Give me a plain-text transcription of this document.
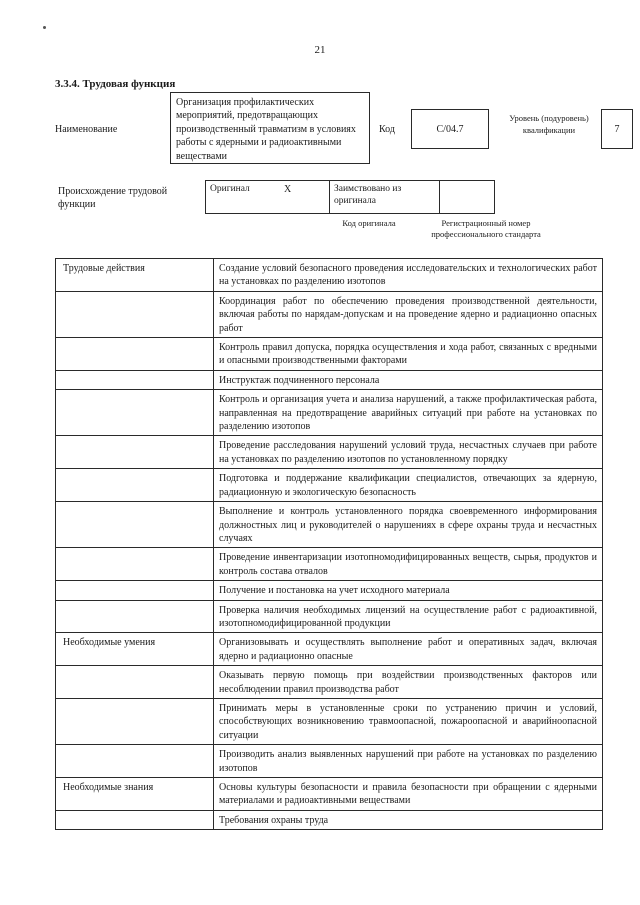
21
3.3.4. Трудовая функция
Наименование
Организация профилактических мероприятий, предотвращающих производственный травматизм в условиях работы с ядерными и радиоактивными веществами
Код	С/04.7
Уровень (подуровень) квалификации	7
Происхождение трудовой функции
Оригинал	X	Заимствовано из оригинала
Код оригинала	Регистрационный номер профессионального стандарта
Трудовые действия	Создание условий безопасного проведения исследовательских и технологических работ на установках по разделению изотопов
Координация работ по обеспечению проведения производственной деятельности, включая работы по нарядам-допускам и на проведение ядерно и радиационно опасных работ
Контроль правил допуска, порядка осуществления и хода работ, связанных с вредными и опасными производственными факторами
Инструктаж подчиненного персонала
Контроль и организация учета и анализа нарушений, а также профилактическая работа, направленная на предотвращение аварийных ситуаций при работе на установках по разделению изотопов
Проведение расследования нарушений условий труда, несчастных случаев при работе на установках по разделению изотопов по установленному порядку
Подготовка и поддержание квалификации специалистов, отвечающих за ядерную, радиационную и экологическую безопасность
Выполнение и контроль установленного порядка своевременного информирования должностных лиц и руководителей о нарушениях в сфере охраны труда и несчастных случаях
Проведение инвентаризации изотопномодифицированных веществ, сырья, продуктов и контроль состава отвалов
Получение и постановка на учет исходного материала
Проверка наличия необходимых лицензий на осуществление работ с радиоактивной, изотопномодифицированной продукции
Необходимые умения	Организовывать и осуществлять выполнение работ и оперативных задач, включая ядерно и радиационно опасные
Оказывать первую помощь при воздействии производственных факторов или несоблюдении правил производства работ
Принимать меры в установленные сроки по устранению причин и условий, способствующих возникновению травмоопасной, пожароопасной и аварийноопасной ситуации
Производить анализ выявленных нарушений при работе на установках по разделению изотопов
Необходимые знания	Основы культуры безопасности и правила безопасности при обращении с ядерными материалами и радиоактивными веществами
Требования охраны труда
